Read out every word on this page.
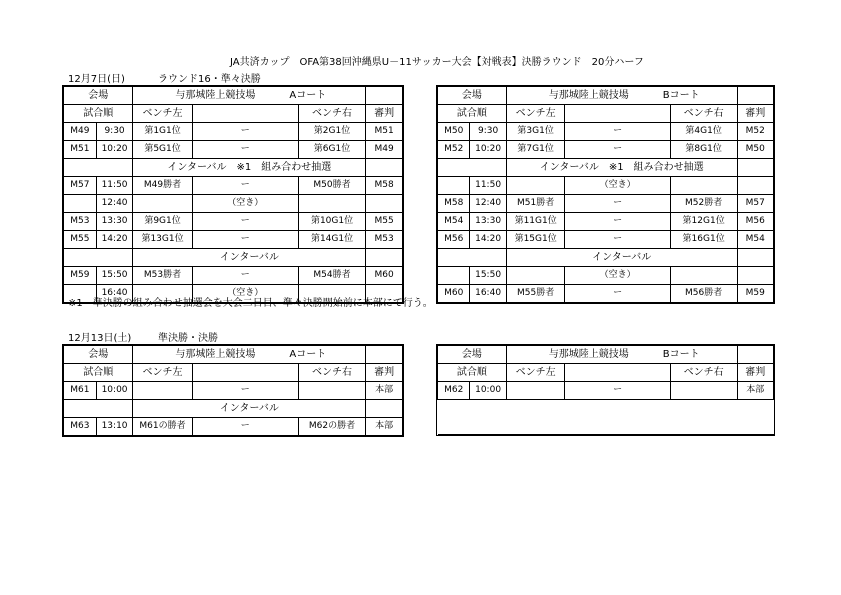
JA共済カップ　OFA第38回沖縄県U－11サッカー大会【対戦表】決勝ラウンド　20分ハーフ
12月7日(日)	ラウンド16・準々決勝
会場		与那城陸上競技場 Aコート			
試合順		ベンチ左		ベンチ右	審判
M49	9:30	第1G1位	ー	第2G1位	M51
M51	10:20	第5G1位	ー	第6G1位	M49
		インターバル　※1　組み合わせ抽選			
M57	11:50	M49勝者	ー	M50勝者	M58
	12:40		（空き）		
M53	13:30	第9G1位	ー	第10G1位	M55
M55	14:20	第13G1位	ー	第14G1位	M53
		インターバル			
M59	15:50	M53勝者	ー	M54勝者	M60
	16:40		（空き）		
会場		与那城陸上競技場 Bコート			
試合順		ベンチ左		ベンチ右	審判
M50	9:30	第3G1位	ー	第4G1位	M52
M52	10:20	第7G1位	ー	第8G1位	M50
		インターバル　※1　組み合わせ抽選			
	11:50		（空き）		
M58	12:40	M51勝者	ー	M52勝者	M57
M54	13:30	第11G1位	ー	第12G1位	M56
M56	14:20	第15G1位	ー	第16G1位	M54
		インターバル			
	15:50		（空き）		
M60	16:40	M55勝者	ー	M56勝者	M59
※1　準決勝の組み合わせ抽選会を大会二日目、準々決勝開始前に本部にて行う。
12月13日(土)	準決勝・決勝
会場		与那城陸上競技場 Aコート			
試合順		ベンチ左		ベンチ右	審判
M61	10:00		ー		本部
		インターバル			
M63	13:10	M61の勝者	ー	M62の勝者	本部
会場		与那城陸上競技場 Bコート			
試合順		ベンチ左		ベンチ右	審判
M62	10:00		ー		本部
